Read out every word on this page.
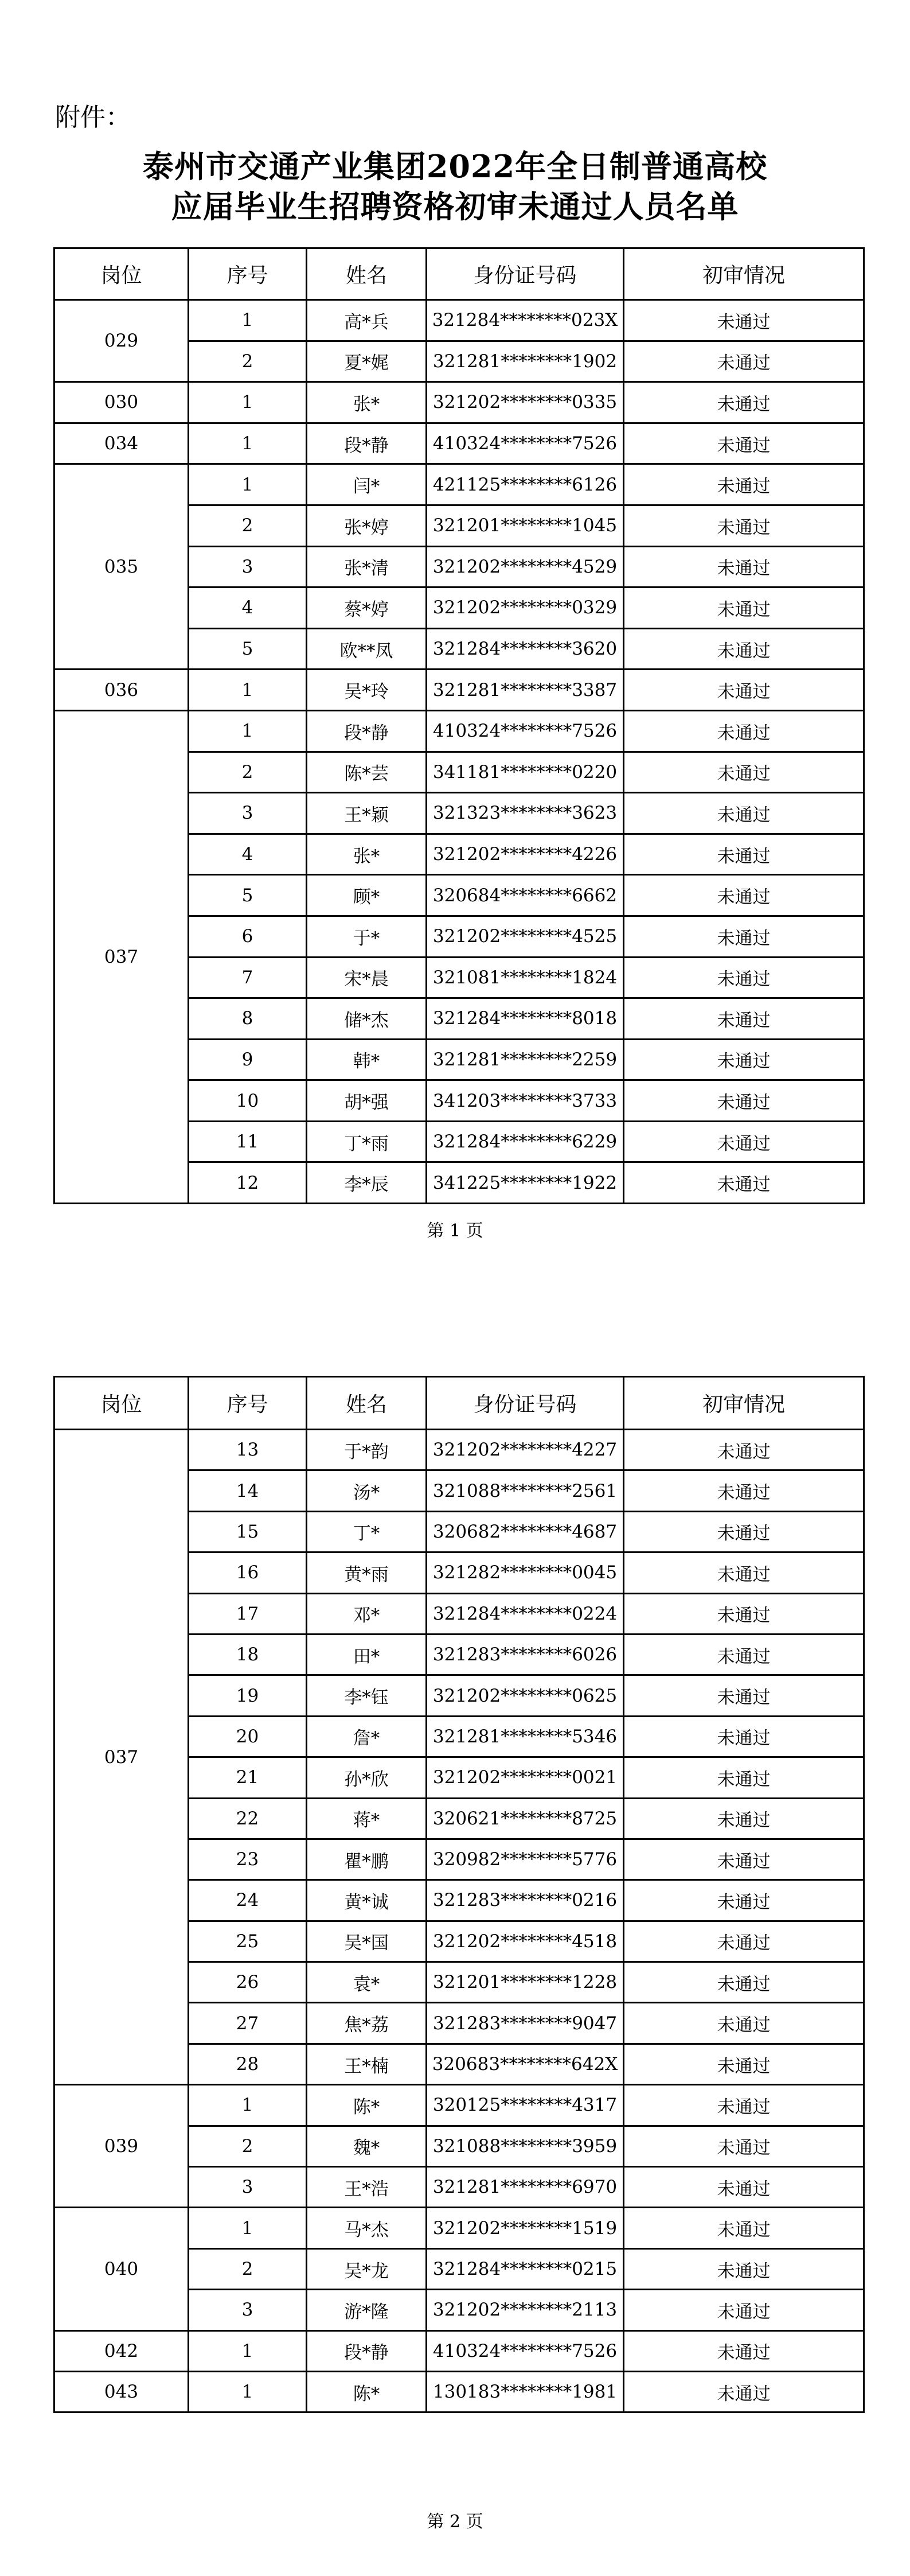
附件：
泰州市交通产业集团2022年全日制普通高校
应届毕业生招聘资格初审未通过人员名单
岗位	序号	姓名	身份证号码	初审情况
029	1	高*兵	321284********023X	未通过
	2	夏*娓	321281********1902	未通过
030	1	张*	321202********0335	未通过
034	1	段*静	410324********7526	未通过
035	1	闫*	421125********6126	未通过
	2	张*婷	321201********1045	未通过
	3	张*清	321202********4529	未通过
	4	蔡*婷	321202********0329	未通过
	5	欧**凤	321284********3620	未通过
036	1	吴*玲	321281********3387	未通过
037	1	段*静	410324********7526	未通过
	2	陈*芸	341181********0220	未通过
	3	王*颖	321323********3623	未通过
	4	张*	321202********4226	未通过
	5	顾*	320684********6662	未通过
	6	于*	321202********4525	未通过
	7	宋*晨	321081********1824	未通过
	8	储*杰	321284********8018	未通过
	9	韩*	321281********2259	未通过
	10	胡*强	341203********3733	未通过
	11	丁*雨	321284********6229	未通过
	12	李*辰	341225********1922	未通过
第 1 页
岗位	序号	姓名	身份证号码	初审情况
037	13	于*韵	321202********4227	未通过
	14	汤*	321088********2561	未通过
	15	丁*	320682********4687	未通过
	16	黄*雨	321282********0045	未通过
	17	邓*	321284********0224	未通过
	18	田*	321283********6026	未通过
	19	李*钰	321202********0625	未通过
	20	詹*	321281********5346	未通过
	21	孙*欣	321202********0021	未通过
	22	蒋*	320621********8725	未通过
	23	瞿*鹏	320982********5776	未通过
	24	黄*诚	321283********0216	未通过
	25	吴*国	321202********4518	未通过
	26	袁*	321201********1228	未通过
	27	焦*荔	321283********9047	未通过
	28	王*楠	320683********642X	未通过
039	1	陈*	320125********4317	未通过
	2	魏*	321088********3959	未通过
	3	王*浩	321281********6970	未通过
040	1	马*杰	321202********1519	未通过
	2	吴*龙	321284********0215	未通过
	3	游*隆	321202********2113	未通过
042	1	段*静	410324********7526	未通过
043	1	陈*	130183********1981	未通过
第 2 页
